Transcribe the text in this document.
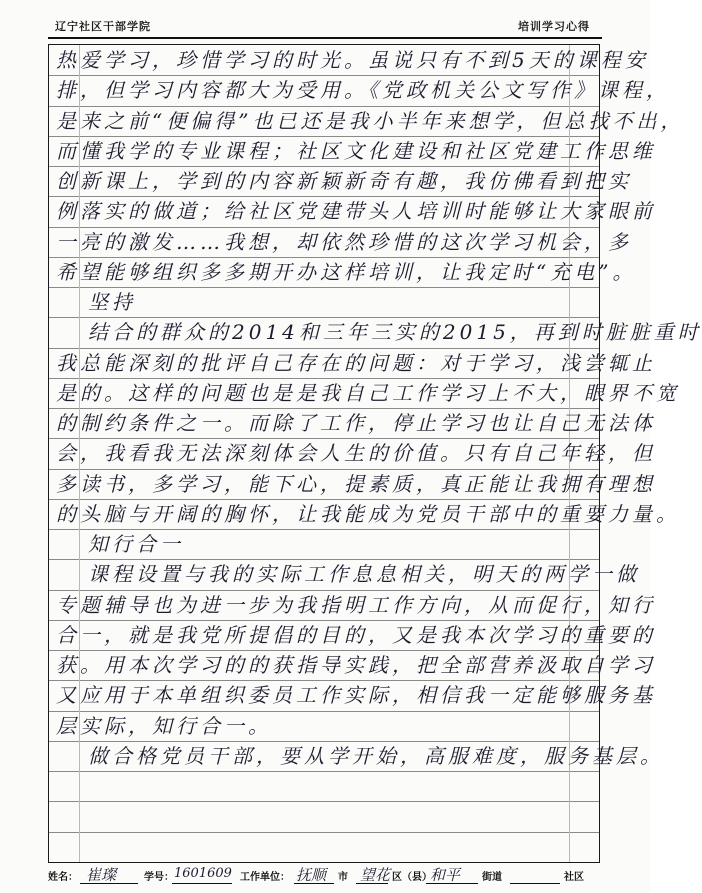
辽宁社区干部学院	培训学习心得
热爱学习，珍惜学习的时光。虽说只有不到5天的课程安
排，但学习内容都大为受用。《党政机关公文写作》课程，
是来之前“便偏得”也已还是我小半年来想学，但总找不出，
而懂我学的专业课程；社区文化建设和社区党建工作思维
创新课上，学到的内容新颖新奇有趣，我仿佛看到把实
例落实的做道；给社区党建带头人培训时能够让大家眼前
一亮的激发……我想，却依然珍惜的这次学习机会，多
希望能够组织多多期开办这样培训，让我定时“充电”。
坚持
结合的群众的2014和三年三实的2015，再到时脏脏重时
我总能深刻的批评自己存在的问题：对于学习，浅尝辄止
是的。这样的问题也是是我自己工作学习上不大，眼界不宽
的制约条件之一。而除了工作，停止学习也让自己无法体
会，我看我无法深刻体会人生的价值。只有自己年轻，但
多读书，多学习，能下心，提素质，真正能让我拥有理想
的头脑与开阔的胸怀，让我能成为党员干部中的重要力量。
知行合一
课程设置与我的实际工作息息相关，明天的两学一做
专题辅导也为进一步为我指明工作方向，从而促行，知行
合一，就是我党所提倡的目的，又是我本次学习的重要的
获。用本次学习的的获指导实践，把全部营养汲取自学习
又应用于本单组织委员工作实际，相信我一定能够服务基
层实际，知行合一。
做合格党员干部，要从学开始，高服难度，服务基层。
姓名： 崔璨	学号： 1601609 工作单位： 抚顺 市 望花 区（县）
和平 街道	社区
